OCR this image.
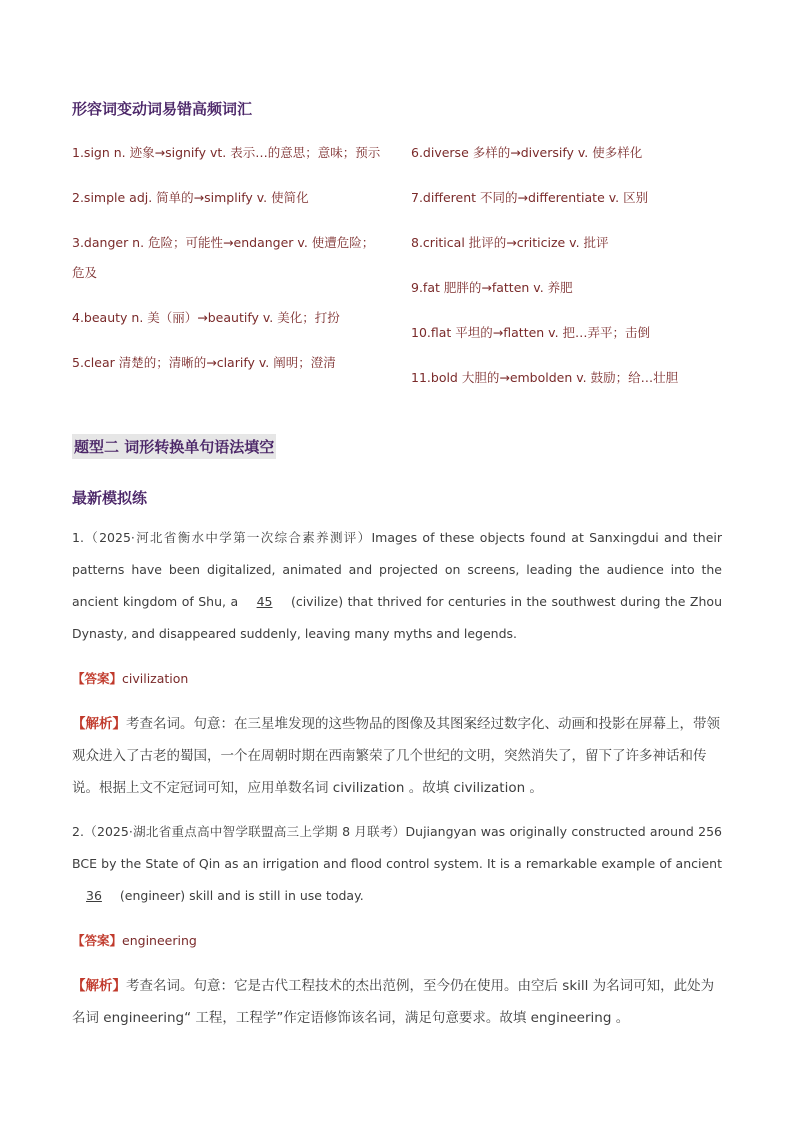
形容词变动词易错高频词汇
1.sign n. 迹象→signify vt. 表示…的意思；意味；预示
2.simple adj. 简单的→simplify v. 使简化
3.danger n. 危险；可能性→endanger v. 使遭危险；危及
4.beauty n. 美（丽）→beautify v. 美化；打扮
5.clear 清楚的；清晰的→clarify v. 阐明；澄清
6.diverse 多样的→diversify v. 使多样化
7.different 不同的→differentiate v. 区别
8.critical 批评的→criticize v. 批评
9.fat 肥胖的→fatten v. 养肥
10.flat 平坦的→flatten v. 把…弄平；击倒
11.bold 大胆的→embolden v. 鼓励；给…壮胆
题型二 词形转换单句语法填空
最新模拟练
1.（2025·河北省衡水中学第一次综合素养测评）Images of these objects found at Sanxingdui and their patterns have been digitalized, animated and projected on screens, leading the audience into the ancient kingdom of Shu, a 45 (civilize) that thrived for centuries in the southwest during the Zhou Dynasty, and disappeared suddenly, leaving many myths and legends.
【答案】civilization
【解析】考查名词。句意：在三星堆发现的这些物品的图像及其图案经过数字化、动画和投影在屏幕上，带领观众进入了古老的蜀国，一个在周朝时期在西南繁荣了几个世纪的文明，突然消失了，留下了许多神话和传说。根据上文不定冠词可知，应用单数名词 civilization 。故填 civilization 。
2.（2025·湖北省重点高中智学联盟高三上学期 8 月联考）Dujiangyan was originally constructed around 256 BCE by the State of Qin as an irrigation and flood control system. It is a remarkable example of ancient 36 (engineer) skill and is still in use today.
【答案】engineering
【解析】考查名词。句意：它是古代工程技术的杰出范例，至今仍在使用。由空后 skill 为名词可知，此处为名词 engineering“ 工程，工程学”作定语修饰该名词，满足句意要求。故填 engineering 。
